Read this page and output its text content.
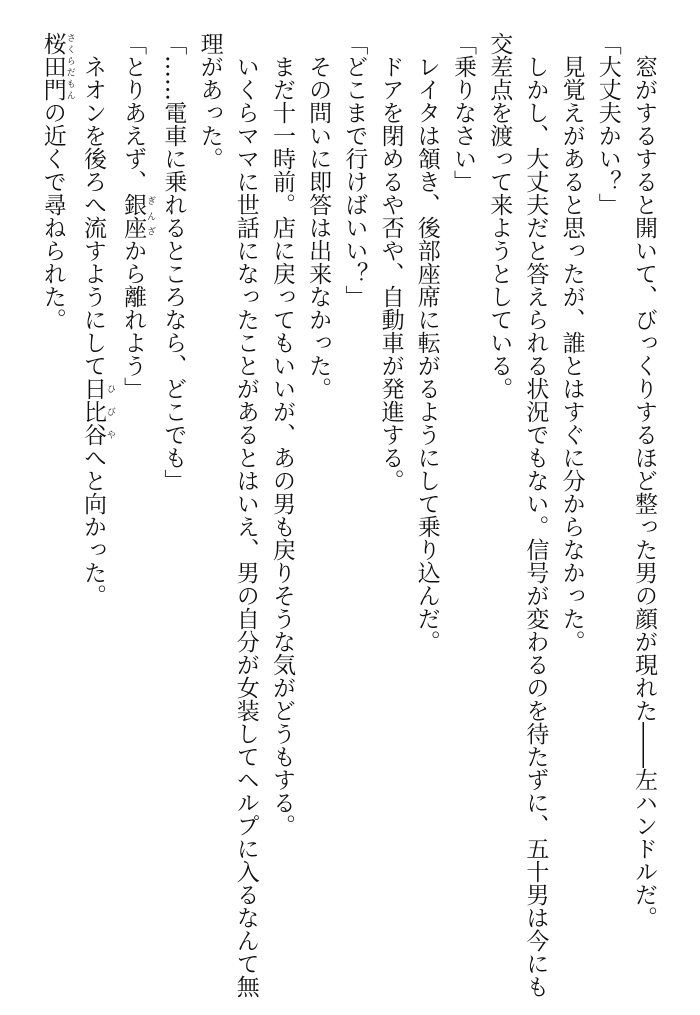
　窓がするすると開いて、びっくりするほど整った男の顔が現れた――左ハンドルだ。
「大丈夫かい？」
　見覚えがあると思ったが、誰とはすぐに分からなかった。
　しかし、大丈夫だと答えられる状況でもない。信号が変わるのを待たずに、五十男は今にも
交差点を渡って来ようとしている。
「乗りなさい」
　レイタは頷き、後部座席に転がるようにして乗り込んだ。
　ドアを閉めるや否や、自動車が発進する。
「どこまで行けばいい？」
　その問いに即答は出来なかった。
　まだ十一時前。店に戻ってもいいが、あの男も戻りそうな気がどうもする。
　いくらママに世話になったことがあるとはいえ、男の自分が女装してヘルプに入るなんて無
理があった。
「……電車に乗れるところなら、どこでも」
「とりあえず、銀座 ぎんざから離れよう」
　ネオンを後ろへ流すようにして日比谷 ひびやへと向かった。
桜田門 さくらだもんの近くで尋ねられた。
